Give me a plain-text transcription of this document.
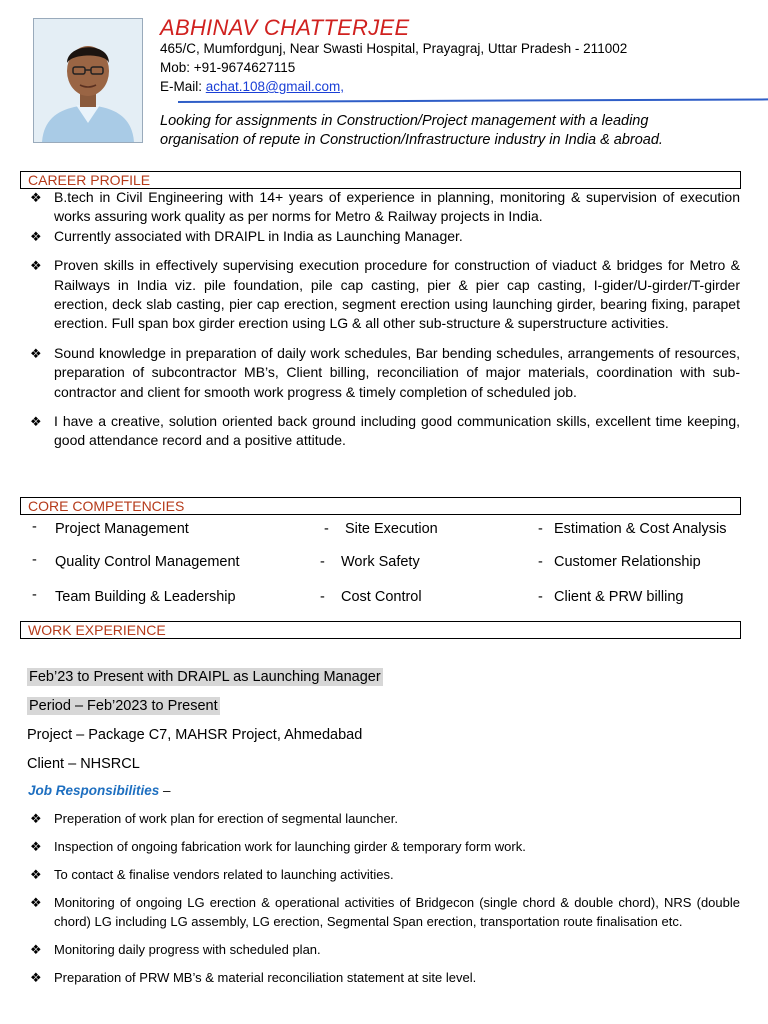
ABHINAV CHATTERJEE
465/C, Mumfordgunj, Near Swasti Hospital, Prayagraj, Uttar Pradesh - 211002
Mob: +91-9674627115
E-Mail: achat.108@gmail.com,
Looking for assignments in Construction/Project management with a leading organisation of repute in Construction/Infrastructure industry in India & abroad.
CAREER PROFILE
❖ B.tech in Civil Engineering with 14+ years of experience in planning, monitoring & supervision of execution works assuring work quality as per norms for Metro & Railway projects in India.
❖ Currently associated with DRAIPL in India as Launching Manager.
❖ Proven skills in effectively supervising execution procedure for construction of viaduct & bridges for Metro & Railways in India viz. pile foundation, pile cap casting, pier & pier cap casting, I-gider/U-girder/T-girder erection, deck slab casting, pier cap erection, segment erection using launching girder, bearing fixing, parapet erection. Full span box girder erection using LG & all other sub-structure & superstructure activities.
❖ Sound knowledge in preparation of daily work schedules, Bar bending schedules, arrangements of resources, preparation of subcontractor MB’s, Client billing, reconciliation of major materials, coordination with sub-contractor and client for smooth work progress & timely completion of scheduled job.
❖ I have a creative, solution oriented back ground including good communication skills, excellent time keeping, good attendance record and a positive attitude.
CORE COMPETENCIES
- Project Management	- Site Execution	- Estimation & Cost Analysis
- Quality Control Management	- Work Safety	- Customer Relationship
- Team Building & Leadership	- Cost Control	- Client & PRW billing
WORK EXPERIENCE
Feb’23 to Present with DRAIPL as Launching Manager
Period – Feb’2023 to Present
Project – Package C7, MAHSR Project, Ahmedabad
Client – NHSRCL
Job Responsibilities –
❖ Preperation of work plan for erection of segmental launcher.
❖ Inspection of ongoing fabrication work for launching girder & temporary form work.
❖ To contact & finalise vendors related to launching activities.
❖ Monitoring of ongoing LG erection & operational activities of Bridgecon (single chord & double chord), NRS (double chord) LG including LG assembly, LG erection, Segmental Span erection, transportation route finalisation etc.
❖ Monitoring daily progress with scheduled plan.
❖ Preparation of PRW MB’s & material reconciliation statement at site level.
